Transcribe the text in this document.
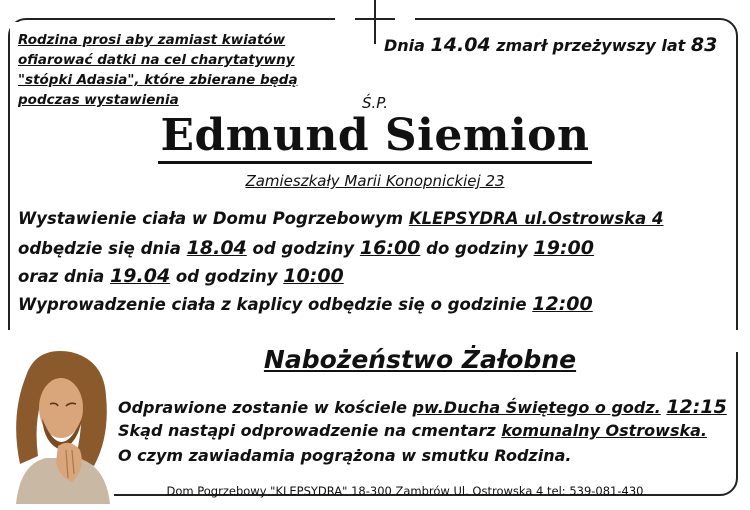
Rodzina prosi aby zamiast kwiatów
ofiarować datki na cel charytatywny
"stópki Adasia", które zbierane będą
podczas wystawienia
Dnia 14.04 zmarł przeżywszy lat 83
Ś.P.
Edmund Siemion
Zamieszkały Marii Konopnickiej 23
Wystawienie ciała w Domu Pogrzebowym KLEPSYDRA ul.Ostrowska 4
odbędzie się dnia 18.04 od godziny 16:00 do godziny 19:00
oraz dnia 19.04 od godziny 10:00
Wyprowadzenie ciała z kaplicy odbędzie się o godzinie 12:00
Nabożeństwo Żałobne
Odprawione zostanie w kościele pw.Ducha Świętego o godz. 12:15
Skąd nastąpi odprowadzenie na cmentarz komunalny Ostrowska.
O czym zawiadamia pogrążona w smutku Rodzina.
Dom Pogrzebowy "KLEPSYDRA" 18-300 Zambrów Ul. Ostrowska 4 tel: 539-081-430
